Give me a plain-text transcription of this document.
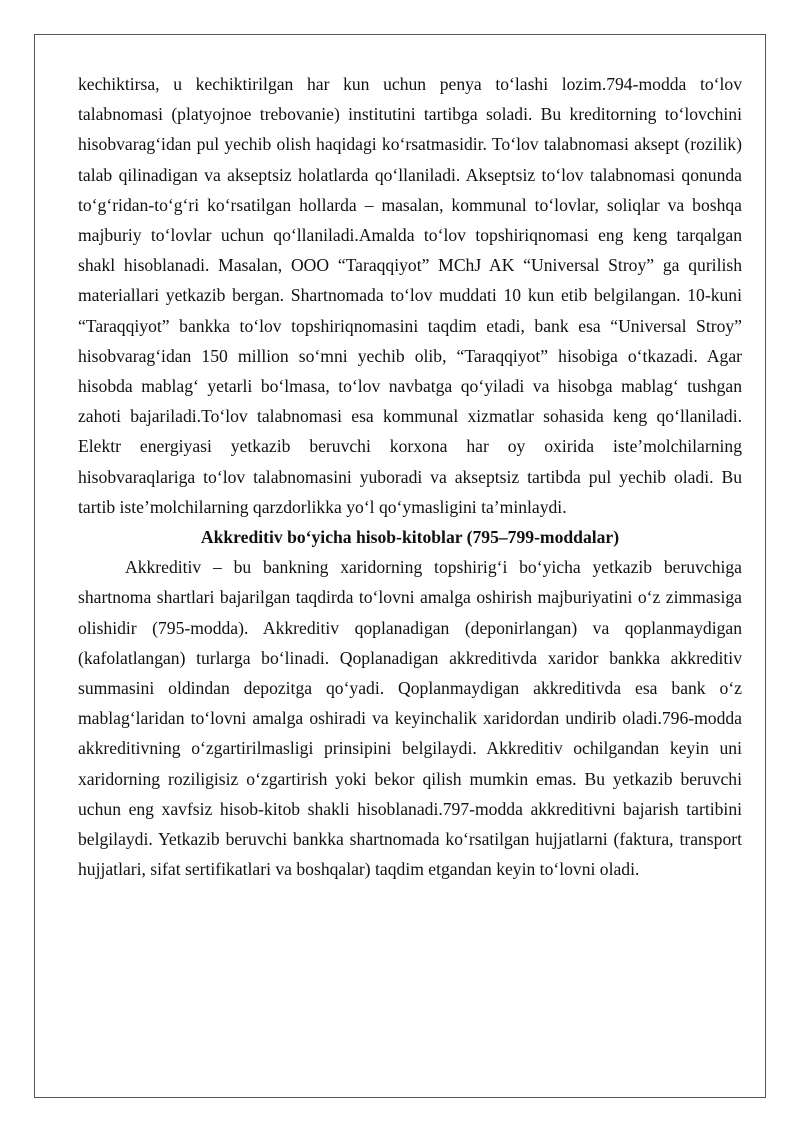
kechiktirsa, u kechiktirilgan har kun uchun penya to‘lashi lozim.794-modda to‘lov talabnomasi (platyojnoe trebovanie) institutini tartibga soladi. Bu kreditorning to‘lovchini hisobvarag‘idan pul yechib olish haqidagi ko‘rsatmasidir. To‘lov talabnomasi aksept (rozilik) talab qilinadigan va akseptsiz holatlarda qo‘llaniladi. Akseptsiz to‘lov talabnomasi qonunda to‘g‘ridan-to‘g‘ri ko‘rsatilgan hollarda – masalan, kommunal to‘lovlar, soliqlar va boshqa majburiy to‘lovlar uchun qo‘llaniladi.Amalda to‘lov topshiriqnomasi eng keng tarqalgan shakl hisoblanadi. Masalan, OOO “Taraqqiyot” MChJ AK “Universal Stroy” ga qurilish materiallari yetkazib bergan. Shartnomada to‘lov muddati 10 kun etib belgilangan. 10-kuni “Taraqqiyot” bankka to‘lov topshiriqnomasini taqdim etadi, bank esa “Universal Stroy” hisobvarag‘idan 150 million so‘mni yechib olib, “Taraqqiyot” hisobiga o‘tkazadi. Agar hisobda mablag‘ yetarli bo‘lmasa, to‘lov navbatga qo‘yiladi va hisobga mablag‘ tushgan zahoti bajariladi.To‘lov talabnomasi esa kommunal xizmatlar sohasida keng qo‘llaniladi. Elektr energiyasi yetkazib beruvchi korxona har oy oxirida iste’molchilarning hisobvaraqlariga to‘lov talabnomasini yuboradi va akseptsiz tartibda pul yechib oladi. Bu tartib iste’molchilarning qarzdorlikka yo‘l qo‘ymasligini ta’minlaydi.

Akkreditiv bo‘yicha hisob-kitoblar (795–799-moddalar)

Akkreditiv – bu bankning xaridorning topshirig‘i bo‘yicha yetkazib beruvchiga shartnoma shartlari bajarilgan taqdirda to‘lovni amalga oshirish majburiyatini o‘z zimmasiga olishidir (795-modda). Akkreditiv qoplanadigan (deponirlangan) va qoplanmaydigan (kafolatlangan) turlarga bo‘linadi. Qoplanadigan akkreditivda xaridor bankka akkreditiv summasini oldindan depozitga qo‘yadi. Qoplanmaydigan akkreditivda esa bank o‘z mablag‘laridan to‘lovni amalga oshiradi va keyinchalik xaridordan undirib oladi.796-modda akkreditivning o‘zgartirilmasligi prinsipini belgilaydi. Akkreditiv ochilgandan keyin uni xaridorning roziligisiz o‘zgartirish yoki bekor qilish mumkin emas. Bu yetkazib beruvchi uchun eng xavfsiz hisob-kitob shakli hisoblanadi.797-modda akkreditivni bajarish tartibini belgilaydi. Yetkazib beruvchi bankka shartnomada ko‘rsatilgan hujjatlarni (faktura, transport hujjatlari, sifat sertifikatlari va boshqalar) taqdim etgandan keyin to‘lovni oladi.
